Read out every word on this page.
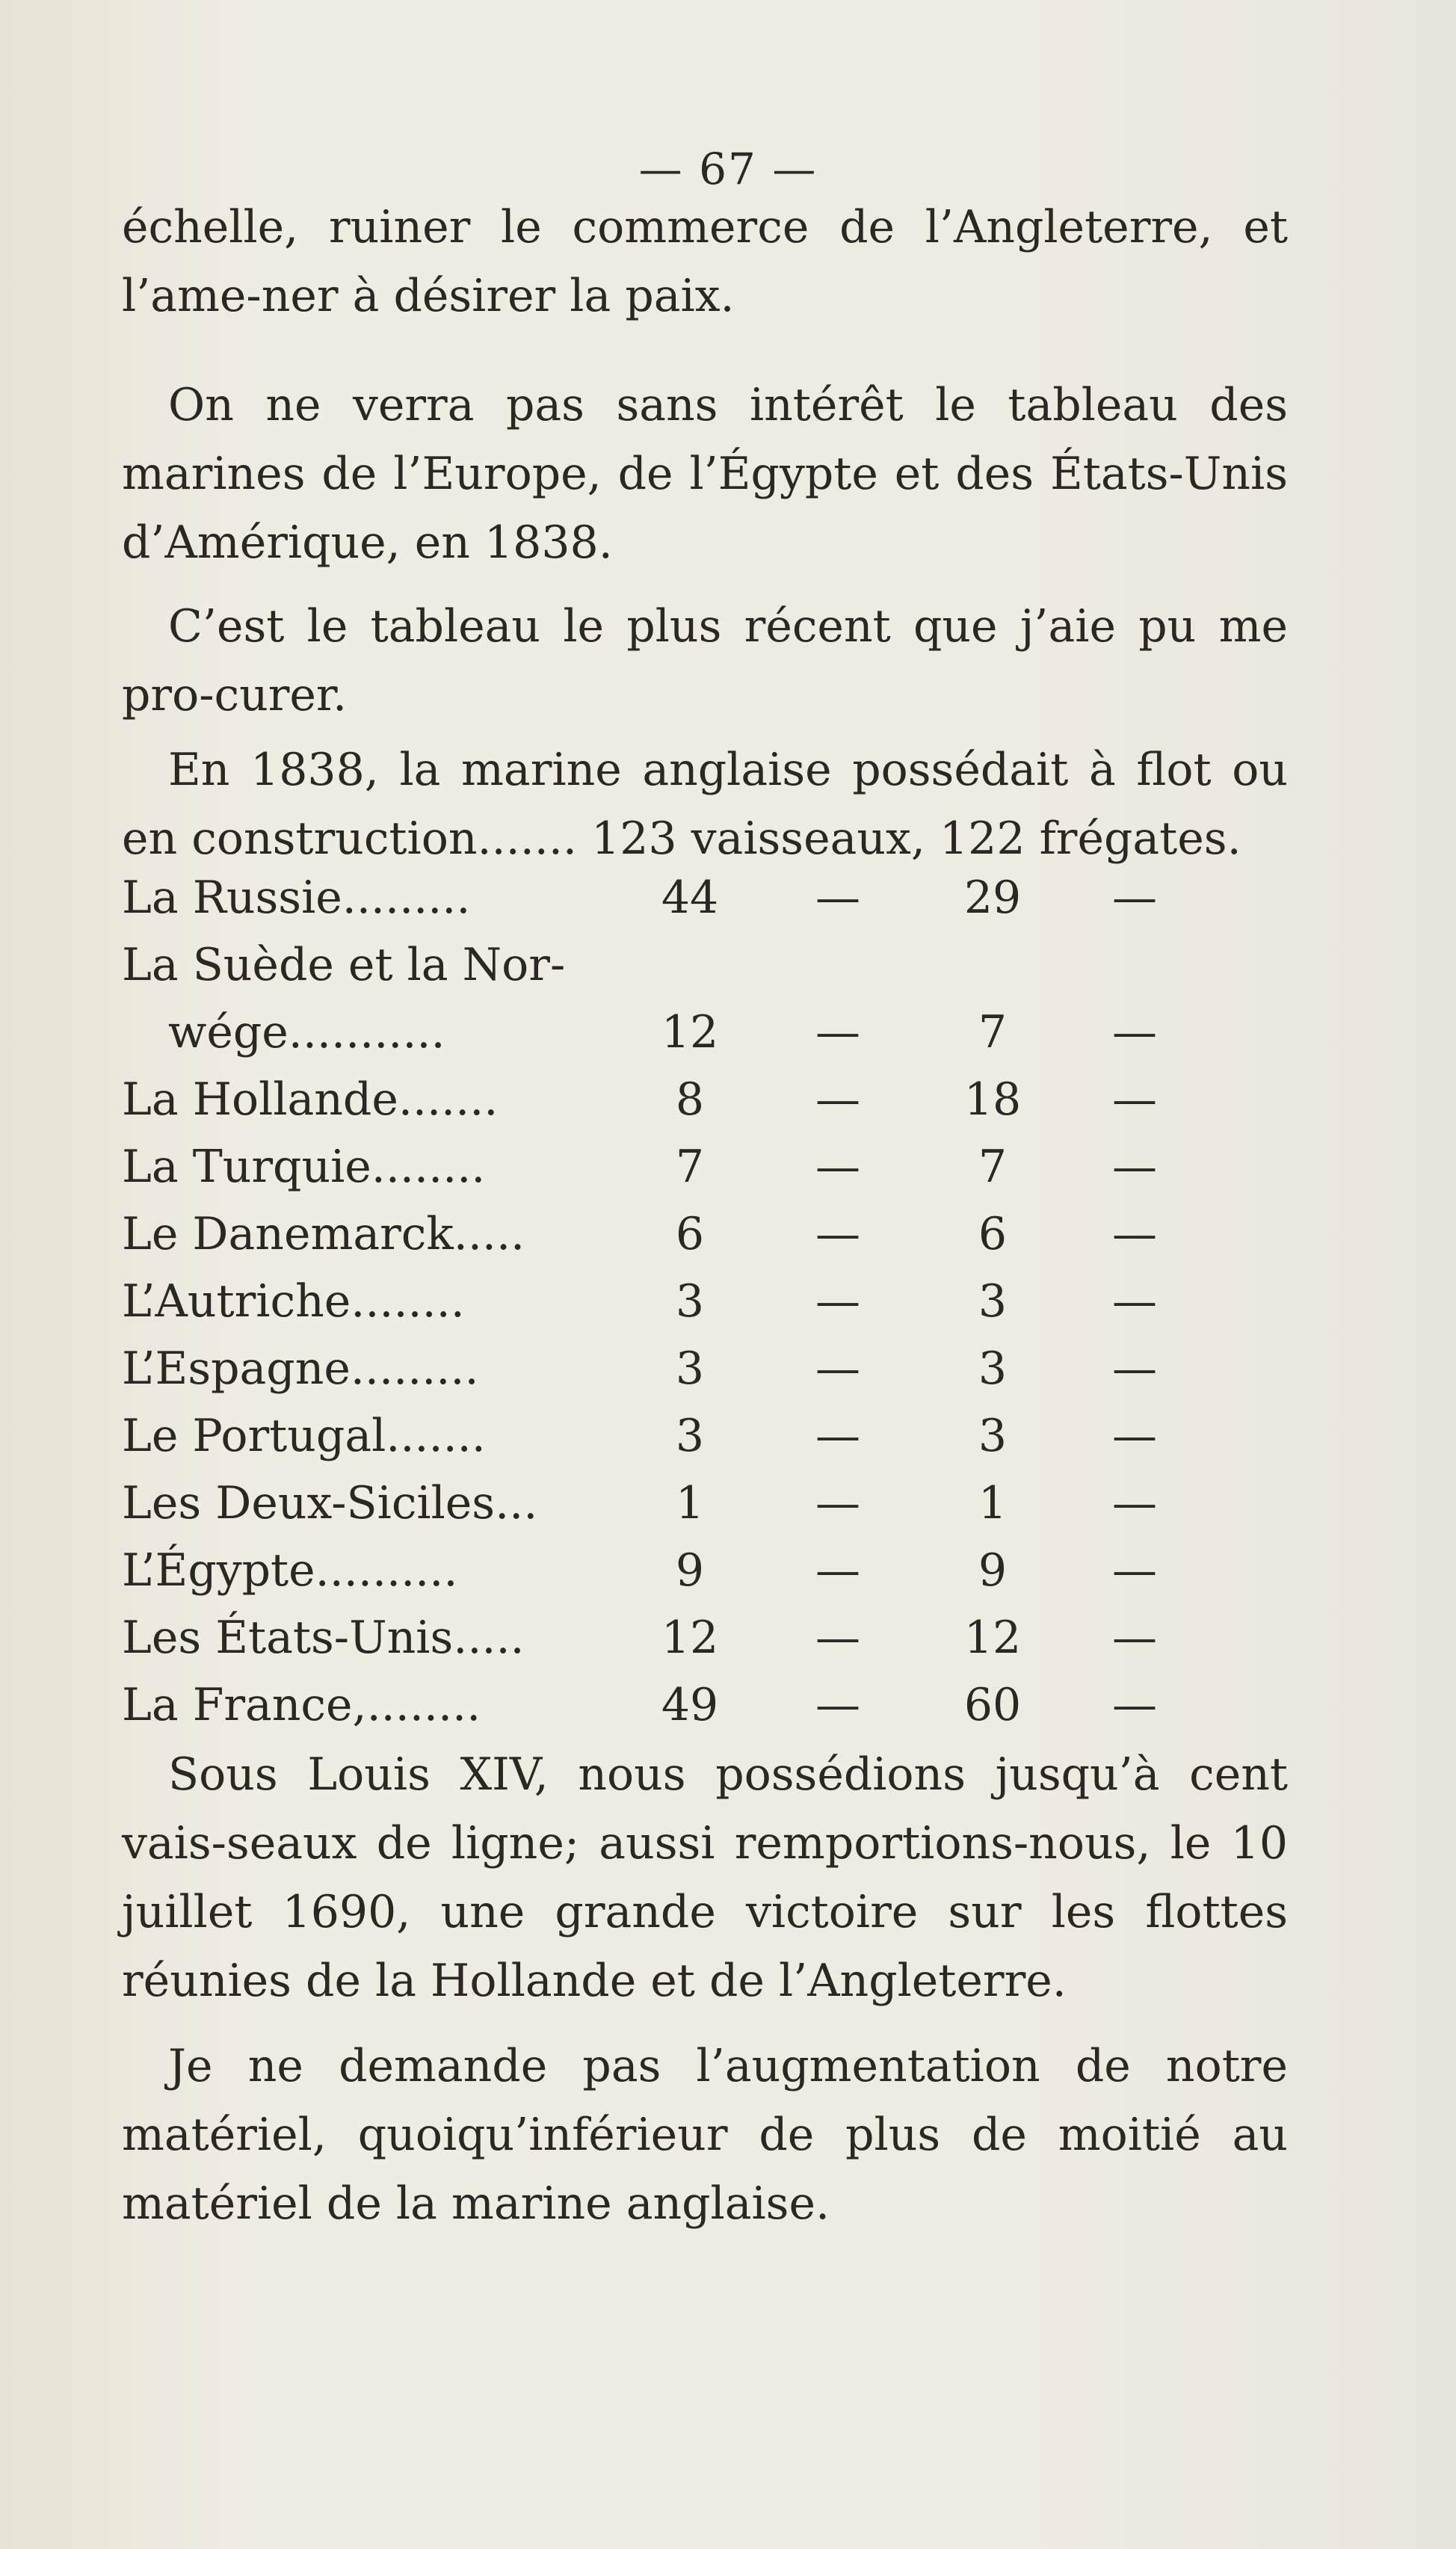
— 67 —

échelle, ruiner le commerce de l’Angleterre, et l’ame-ner à désirer la paix.

On ne verra pas sans intérêt le tableau des marines de l’Europe, de l’Égypte et des États-Unis d’Amérique, en 1838.

C’est le tableau le plus récent que j’aie pu me pro-curer.

En 1838, la marine anglaise possédait à flot ou en construction....... 123 vaisseaux, 122 frégates.

La Russie.........	44	—	29	—
La Suède et la Nor-
wége...........	12	—	7	—
La Hollande.......	8	—	18	—
La Turquie........	7	—	7	—
Le Danemarck.....	6	—	6	—
L’Autriche........	3	—	3	—
L’Espagne.........	3	—	3	—
Le Portugal.......	3	—	3	—
Les Deux-Siciles...	1	—	1	—
L’Égypte..........	9	—	9	—
Les États-Unis.....	12	—	12	—
La France,........	49	—	60	—

Sous Louis XIV, nous possédions jusqu’à cent vais-seaux de ligne; aussi remportions-nous, le 10 juillet 1690, une grande victoire sur les flottes réunies de la Hollande et de l’Angleterre.

Je ne demande pas l’augmentation de notre matériel, quoiqu’inférieur de plus de moitié au matériel de la marine anglaise.
